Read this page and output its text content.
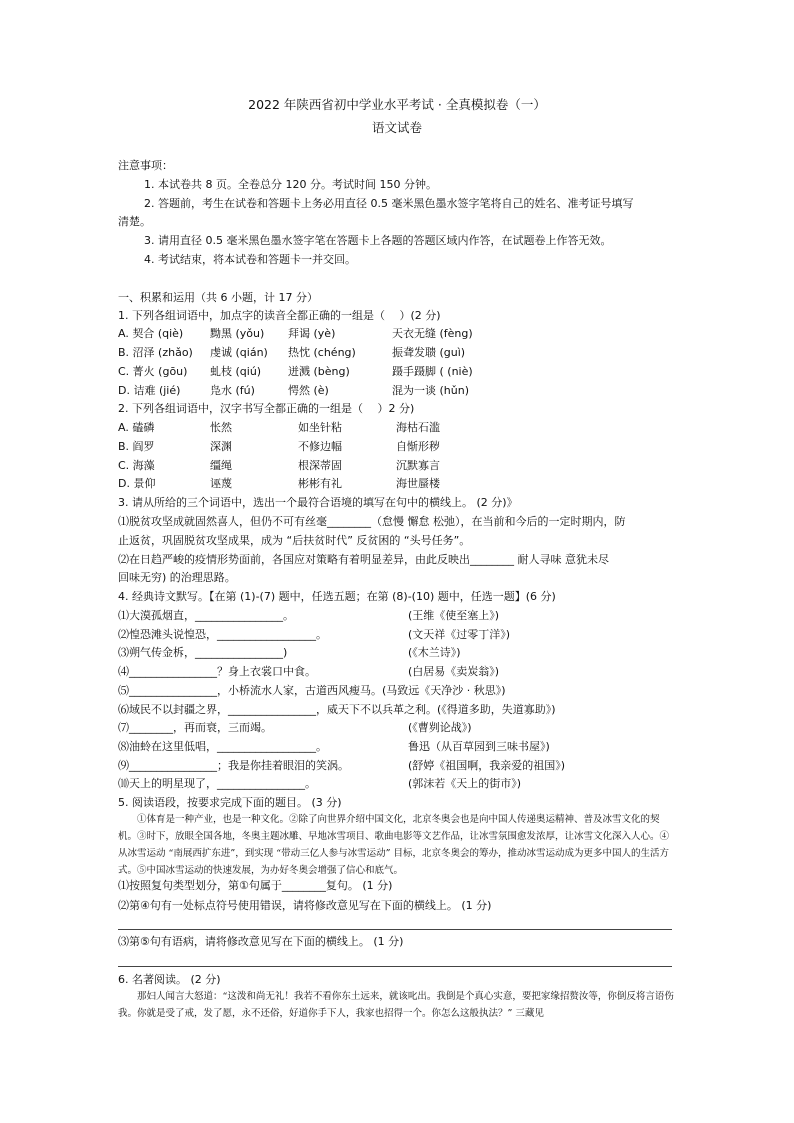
2022 年陕西省初中学业水平考试 · 全真模拟卷（一）
语文试卷
注意事项：
1. 本试卷共 8 页。全卷总分 120 分。考试时间 150 分钟。
2. 答题前，考生在试卷和答题卡上务必用直径 0.5 毫米黑色墨水签字笔将自己的姓名、准考证号填写
清楚。
3. 请用直径 0.5 毫米黑色墨水签字笔在答题卡上各题的答题区域内作答，在试题卷上作答无效。
4. 考试结束，将本试卷和答题卡一并交回。
一、积累和运用（共 6 小题，计 17 分）
1. 下列各组词语中，加点字的读音全都正确的一组是（　 ）(2 分)
A. 契合 (qiè) 黝黑 (yǒu) 拜谒 (yè)	天衣无缝 (fèng)
B. 沼泽 (zhǎo) 虔诚 (qián) 热忱 (chéng)	振聋发聩 (guì)
C. 菁火 (gōu) 虬枝 (qiú) 迸溅 (bèng)	蹑手蹑脚 ( (niè)
D. 诘难 (jié)	凫水 (fú)	愕然 (è)	混为一谈 (hǔn)
2. 下列各组词语中，汉字书写全都正确的一组是（　 ）2 分)
A. 磕磷	怅然	如坐针粘	海枯石滥
B. 阎罗	深渊	不修边幅	自惭形秽
C. 海藻	缰绳	根深蒂固	沉默寡言
D. 景仰	诬蔑	彬彬有礼	海世蜃楼
3. 请从所给的三个词语中，选出一个最符合语境的填写在句中的横线上。 (2 分)》
⑴脱贫攻坚成就固然喜人，但仍不可有丝毫________（怠慢 懈怠 松弛），在当前和今后的一定时期内，防
止返贫，巩固脱贫攻坚成果，成为 “后扶贫时代” 反贫困的 “头号任务”。
⑵在日趋严峻的疫情形势面前，各国应对策略有着明显差异，由此反映出________ 耐人寻味 意犹未尽
回味无穷) 的治理思路。
4. 经典诗文默写。【在第 (1)-(7) 题中，任选五题；在第 (8)-(10) 题中，任选一题】(6 分)
⑴大漠孤烟直，________________。	(王维《使至塞上》)
⑵惶恐滩头说惶恐，__________________。	(文天祥《过零丁洋》)
⑶朔气传金柝，________________)	(《木兰诗》)
⑷________________？身上衣裳口中食。	(白居易《卖炭翁》)
⑸________________，小桥流水人家，古道西风瘦马。(马致远《天净沙 · 秋思》)
⑹域民不以封疆之界，________________，威天下不以兵革之利。(《得道多助，失道寡助》)
⑺________，再而衰，三而竭。	(《曹刿论战》)
⑻油蛉在这里低唱，__________________。	鲁迅（从百草园到三味书屋》)
⑼________________；我是你挂着眼泪的笑涡。	(舒婷《祖国啊，我亲爱的祖国》)
⑽天上的明星现了，________________。	(郭沫若《天上的街市》)
5. 阅读语段，按要求完成下面的题目。 (3 分)
①体育是一种产业，也是一种文化。②除了向世界介绍中国文化，北京冬奥会也是向中国人传递奥运精神、普及冰雪文化的契机。③时下，放眼全国各地，冬奥主题冰雕、早地冰雪项目、歌曲电影等文艺作品，让冰雪氛围愈发浓厚，让冰雪文化深入人心。④从冰雪运动 “南展西扩东进”，到实现 “带动三亿人参与冰雪运动” 目标，北京冬奥会的筹办，推动冰雪运动成为更多中国人的生活方式。⑤中国冰雪运动的快速发展，为办好冬奥会增强了信心和底气。
⑴按照复句类型划分，第①句属于________复句。 (1 分)
⑵第④句有一处标点符号使用错误，请将修改意见写在下面的横线上。 (1 分)
⑶第⑤句有语病，请将修改意见写在下面的横线上。 (1 分)
6. 名著阅读。 (2 分)
那妇人闻言大怒道：“这泼和尚无礼！我若不看你东土远来，就该叱出。我倒是个真心实意，要把家缘招赘汝等，你倒反将言语伤我。你就是受了戒，发了愿，永不还俗，好道你手下人，我家也招得一个。你怎么这般执法？” 三藏见
